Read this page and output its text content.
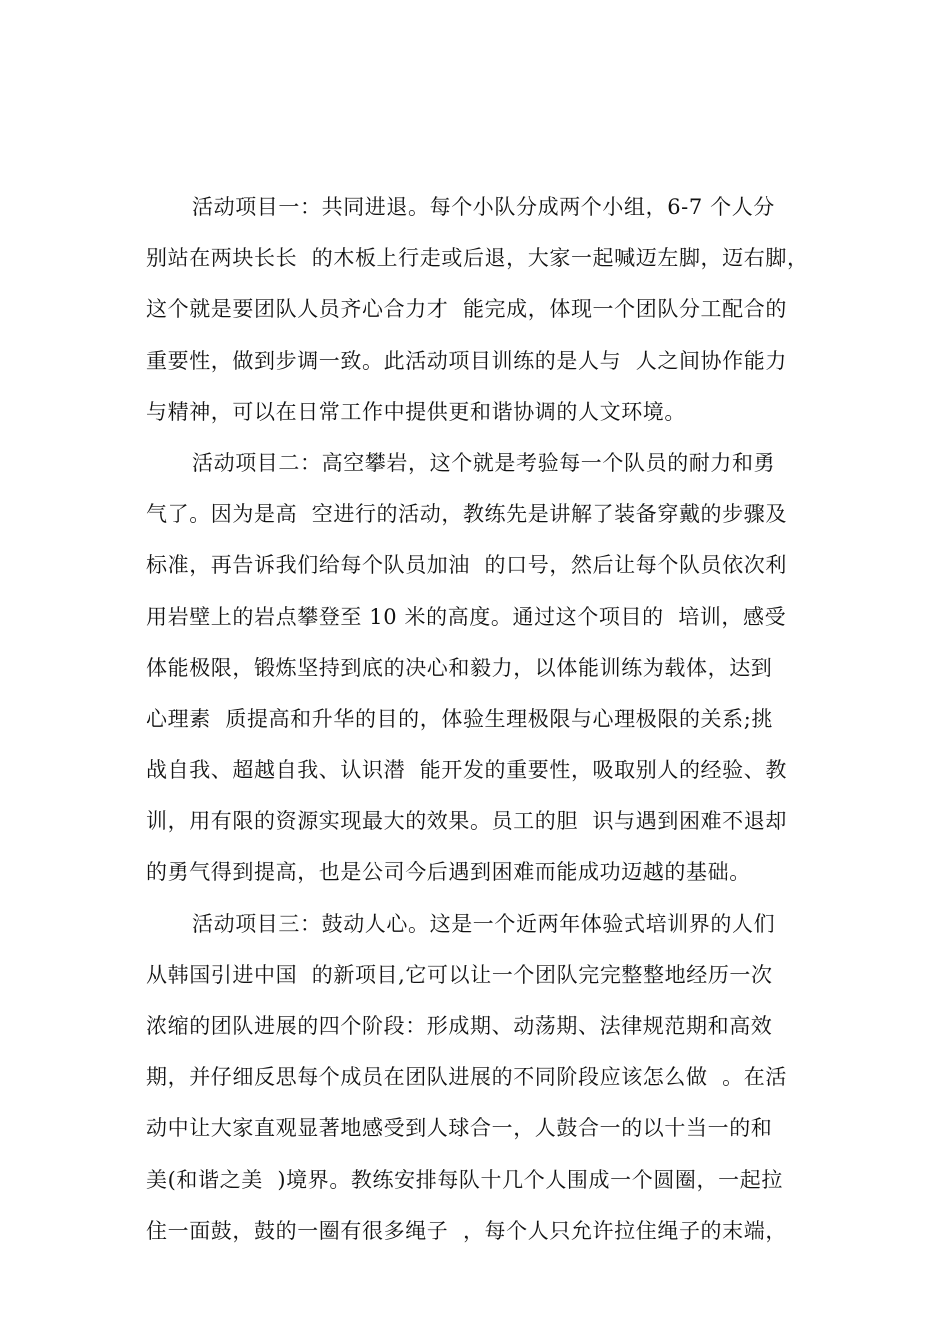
活动项目一：共同进退。每个小队分成两个小组，6-7 个人分
别站在两块长长  的木板上行走或后退，大家一起喊迈左脚，迈右脚，
这个就是要团队人员齐心合力才  能完成，体现一个团队分工配合的
重要性，做到步调一致。此活动项目训练的是人与  人之间协作能力
与精神，可以在日常工作中提供更和谐协调的人文环境。
活动项目二：高空攀岩，这个就是考验每一个队员的耐力和勇
气了。因为是高  空进行的活动，教练先是讲解了装备穿戴的步骤及
标准，再告诉我们给每个队员加油  的口号，然后让每个队员依次利
用岩壁上的岩点攀登至 10 米的高度。通过这个项目的  培训，感受
体能极限，锻炼坚持到底的决心和毅力，以体能训练为载体，达到
心理素  质提高和升华的目的，体验生理极限与心理极限的关系;挑
战自我、超越自我、认识潜  能开发的重要性，吸取别人的经验、教
训，用有限的资源实现最大的效果。员工的胆  识与遇到困难不退却
的勇气得到提高，也是公司今后遇到困难而能成功迈越的基础。
活动项目三：鼓动人心。这是一个近两年体验式培训界的人们
从韩国引进中国  的新项目,它可以让一个团队完完整整地经历一次
浓缩的团队进展的四个阶段：形成期、动荡期、法律规范期和高效
期，并仔细反思每个成员在团队进展的不同阶段应该怎么做  。在活
动中让大家直观显著地感受到人球合一，人鼓合一的以十当一的和
美(和谐之美  )境界。教练安排每队十几个人围成一个圆圈，一起拉
住一面鼓，鼓的一圈有很多绳子  ，每个人只允许拉住绳子的末端，
